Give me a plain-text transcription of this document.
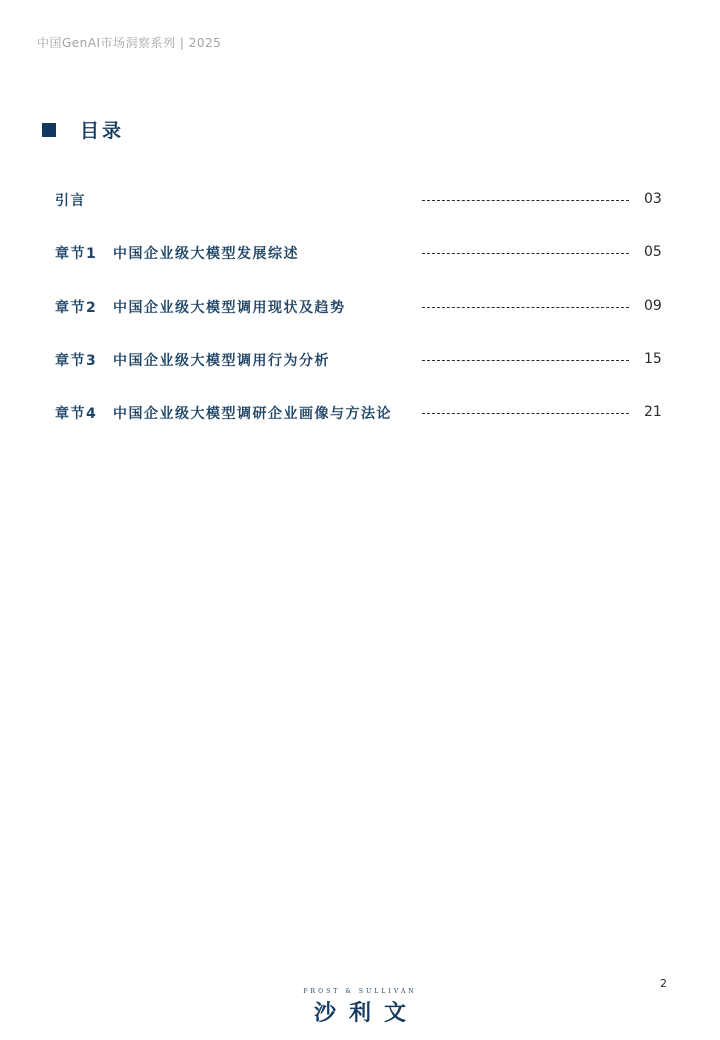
中国GenAI市场洞察系列 | 2025
目录
引言	03
章节1 中国企业级大模型发展综述	05
章节2 中国企业级大模型调用现状及趋势	09
章节3 中国企业级大模型调用行为分析	15
章节4 中国企业级大模型调研企业画像与方法论	21
2
FROST & SULLIVAN
沙利文
